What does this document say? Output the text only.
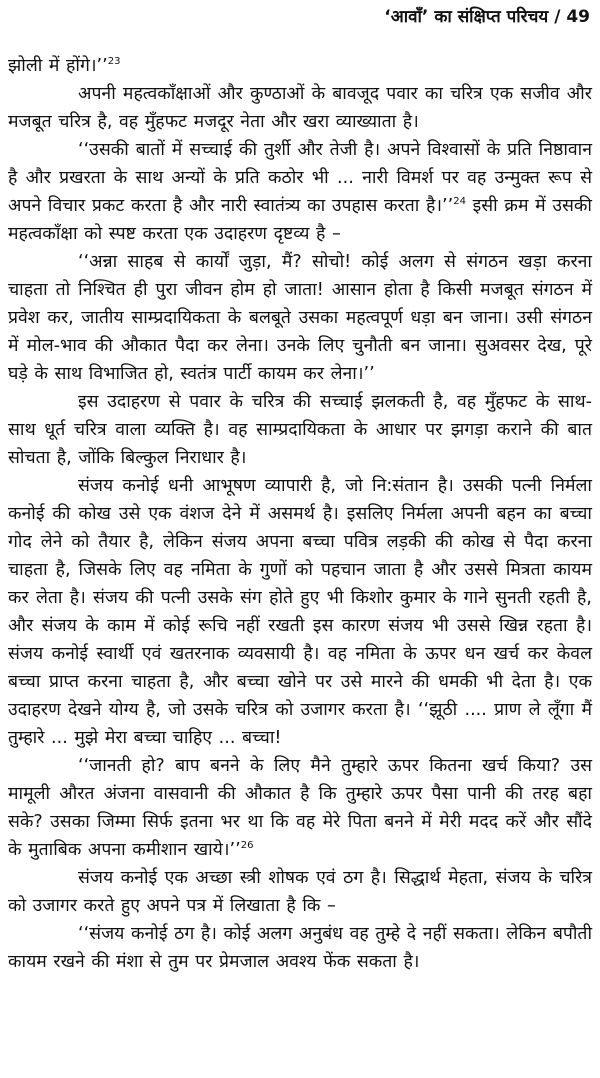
‘आवाँ’ का संक्षिप्त परिचय / 49

झोली में होंगे।’’$^{23}$

अपनी महत्वकाँक्षाओं और कुण्ठाओं के बावजूद पवार का चरित्र एक सजीव और मजबूत चरित्र है, वह मुँहफट मजदूर नेता और खरा व्याख्याता है।

‘‘उसकी बातों में सच्चाई की तुर्शी और तेजी है। अपने विश्वासों के प्रति निष्ठावान है और प्रखरता के साथ अन्यों के प्रति कठोर भी ... नारी विमर्श पर वह उन्मुक्त रूप से अपने विचार प्रकट करता है और नारी स्वातंत्र्य का उपहास करता है।’’$^{24}$ इसी क्रम में उसकी महत्वकाँक्षा को स्पष्ट करता एक उदाहरण दृष्टव्य है –

‘‘अन्ना साहब से कार्यों जुड़ा, मैं? सोचो! कोई अलग से संगठन खड़ा करना चाहता तो निश्चित ही पुरा जीवन होम हो जाता! आसान होता है किसी मजबूत संगठन में प्रवेश कर, जातीय साम्प्रदायिकता के बलबूते उसका महत्वपूर्ण धड़ा बन जाना। उसी संगठन में मोल-भाव की औकात पैदा कर लेना। उनके लिए चुनौती बन जाना। सुअवसर देख, पूरे घड़े के साथ विभाजित हो, स्वतंत्र पार्टी कायम कर लेना।’’

इस उदाहरण से पवार के चरित्र की सच्चाई झलकती है, वह मुँहफट के साथ-साथ धूर्त चरित्र वाला व्यक्ति है। वह साम्प्रदायिकता के आधार पर झगड़ा कराने की बात सोचता है, जोंकि बिल्कुल निराधार है।

संजय कनोई धनी आभूषण व्यापारी है, जो नि:संतान है। उसकी पत्नी निर्मला कनोई की कोख उसे एक वंशज देने में असमर्थ है। इसलिए निर्मला अपनी बहन का बच्चा गोद लेने को तैयार है, लेकिन संजय अपना बच्चा पवित्र लड़की की कोख से पैदा करना चाहता है, जिसके लिए वह नमिता के गुणों को पहचान जाता है और उससे मित्रता कायम कर लेता है। संजय की पत्नी उसके संग होते हुए भी किशोर कुमार के गाने सुनती रहती है, और संजय के काम में कोई रूचि नहीं रखती इस कारण संजय भी उससे खिन्न रहता है। संजय कनोई स्वार्थी एवं खतरनाक व्यवसायी है। वह नमिता के ऊपर धन खर्च कर केवल बच्चा प्राप्त करना चाहता है, और बच्चा खोने पर उसे मारने की धमकी भी देता है। एक उदाहरण देखने योग्य है, जो उसके चरित्र को उजागर करता है। ‘‘झूठी .... प्राण ले लूँगा मैं तुम्हारे ... मुझे मेरा बच्चा चाहिए ... बच्चा!

‘‘जानती हो? बाप बनने के लिए मैने तुम्हारे ऊपर कितना खर्च किया? उस मामूली औरत अंजना वासवानी की औकात है कि तुम्हारे ऊपर पैसा पानी की तरह बहा सके? उसका जिम्मा सिर्फ इतना भर था कि वह मेरे पिता बनने में मेरी मदद करें और सौंदे के मुताबिक अपना कमीशान खाये।’’$^{26}$

संजय कनोई एक अच्छा स्त्री शोषक एवं ठग है। सिद्धार्थ मेहता, संजय के चरित्र को उजागर करते हुए अपने पत्र में लिखाता है कि –

‘‘संजय कनोई ठग है। कोई अलग अनुबंध वह तुम्हे दे नहीं सकता। लेकिन बपौती कायम रखने की मंशा से तुम पर प्रेमजाल अवश्य फेंक सकता है।
